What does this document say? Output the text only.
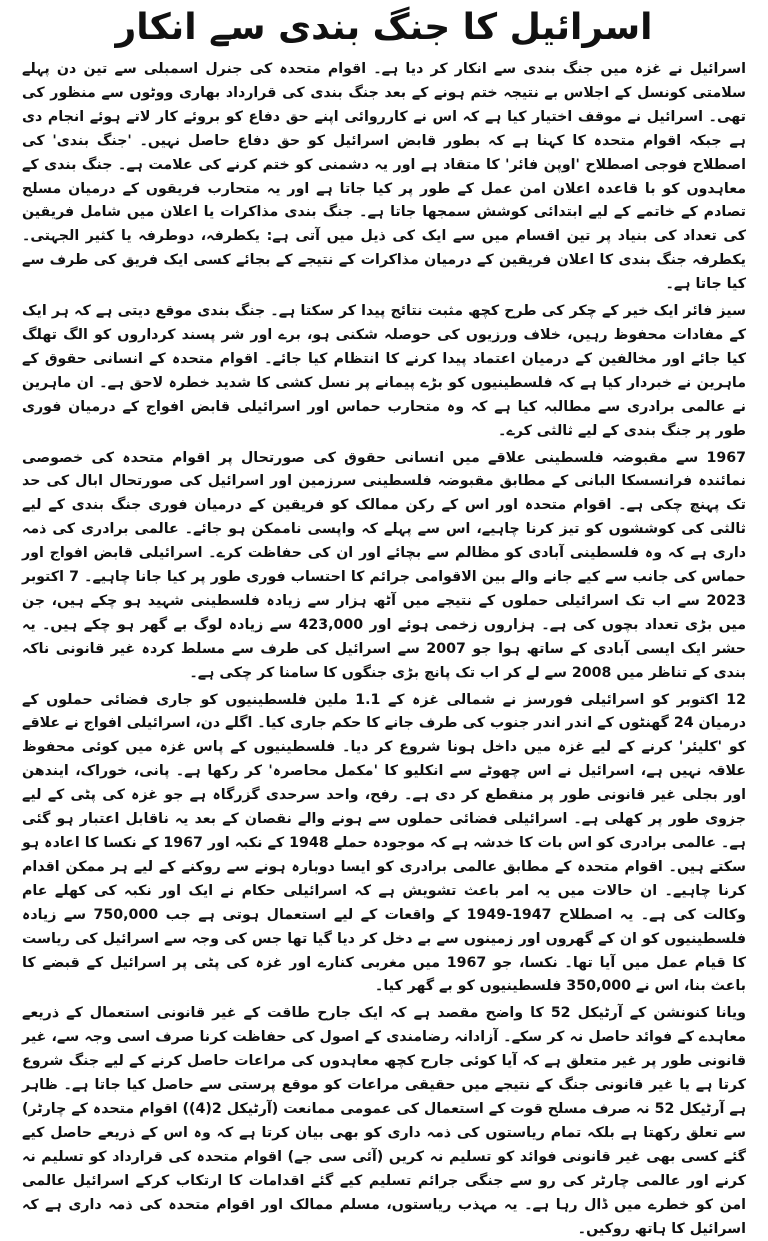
اسرائیل کا جنگ بندی سے انکار

اسرائیل نے غزہ میں جنگ بندی سے انکار کر دیا ہے۔ اقوام متحدہ کی جنرل اسمبلی سے تین دن پہلے سلامتی کونسل کے اجلاس بے نتیجہ ختم ہونے کے بعد جنگ بندی کی قرارداد بھاری ووٹوں سے منظور کی تھی۔ اسرائیل نے موقف اختیار کیا ہے کہ اس نے کارروائی اپنے حق دفاع کو بروئے کار لاتے ہوئے انجام دی ہے جبکہ اقوام متحدہ کا کہنا ہے کہ بطور قابض اسرائیل کو حق دفاع حاصل نہیں۔ 'جنگ بندی' کی اصطلاح فوجی اصطلاح 'اوپن فائر' کا متقاد ہے اور یہ دشمنی کو ختم کرنے کی علامت ہے۔ جنگ بندی کے معاہدوں کو با قاعدہ اعلان امن عمل کے طور پر کیا جاتا ہے اور یہ متحارب فریقوں کے درمیان مسلح تصادم کے خاتمے کے لیے ابتدائی کوشش سمجھا جاتا ہے۔ جنگ بندی مذاکرات یا اعلان میں شامل فریقین کی تعداد کی بنیاد پر تین اقسام میں سے ایک کی ذیل میں آتی ہے: یکطرفہ، دوطرفہ یا کثیر الجہتی۔ یکطرفہ جنگ بندی کا اعلان فریقین کے درمیان مذاکرات کے نتیجے کے بجائے کسی ایک فریق کی طرف سے کیا جاتا ہے۔

سیز فائر ایک خیر کے چکر کی طرح کچھ مثبت نتائج پیدا کر سکتا ہے۔ جنگ بندی موقع دیتی ہے کہ ہر ایک کے مفادات محفوظ رہیں، خلاف ورزیوں کی حوصلہ شکنی ہو، برے اور شر پسند کرداروں کو الگ تھلگ کیا جائے اور مخالفین کے درمیان اعتماد پیدا کرنے کا انتظام کیا جائے۔ اقوام متحدہ کے انسانی حقوق کے ماہرین نے خبردار کیا ہے کہ فلسطینیوں کو بڑے پیمانے پر نسل کشی کا شدید خطرہ لاحق ہے۔ ان ماہرین نے عالمی برادری سے مطالبہ کیا ہے کہ وہ متحارب حماس اور اسرائیلی قابض افواج کے درمیان فوری طور پر جنگ بندی کے لیے ثالثی کرے۔

1967 سے مقبوضہ فلسطینی علاقے میں انسانی حقوق کی صورتحال پر اقوام متحدہ کی خصوصی نمائندہ فرانسسکا البانی کے مطابق مقبوضہ فلسطینی سرزمین اور اسرائیل کی صورتحال ابال کی حد تک پہنچ چکی ہے۔ اقوام متحدہ اور اس کے رکن ممالک کو فریقین کے درمیان فوری جنگ بندی کے لیے ثالثی کی کوششوں کو تیز کرنا چاہیے، اس سے پہلے کہ واپسی ناممکن ہو جائے۔ عالمی برادری کی ذمہ داری ہے کہ وہ فلسطینی آبادی کو مظالم سے بچائے اور ان کی حفاظت کرے۔ اسرائیلی قابض افواج اور حماس کی جانب سے کیے جانے والے بین الاقوامی جرائم کا احتساب فوری طور پر کیا جانا چاہیے۔ 7 اکتوبر 2023 سے اب تک اسرائیلی حملوں کے نتیجے میں آٹھ ہزار سے زیادہ فلسطینی شہید ہو چکے ہیں، جن میں بڑی تعداد بچوں کی ہے۔ ہزاروں زخمی ہوئے اور 423,000 سے زیادہ لوگ بے گھر ہو چکے ہیں۔ یہ حشر ایک ایسی آبادی کے ساتھ ہوا جو 2007 سے اسرائیل کی طرف سے مسلط کردہ غیر قانونی ناکہ بندی کے تناظر میں 2008 سے لے کر اب تک پانچ بڑی جنگوں کا سامنا کر چکی ہے۔

12 اکتوبر کو اسرائیلی فورسز نے شمالی غزہ کے 1.1 ملین فلسطینیوں کو جاری فضائی حملوں کے درمیان 24 گھنٹوں کے اندر اندر جنوب کی طرف جانے کا حکم جاری کیا۔ اگلے دن، اسرائیلی افواج نے علاقے کو 'کلیئر' کرنے کے لیے غزہ میں داخل ہونا شروع کر دیا۔ فلسطینیوں کے پاس غزہ میں کوئی محفوظ علاقہ نہیں ہے، اسرائیل نے اس چھوٹے سے انکلیو کا 'مکمل محاصرہ' کر رکھا ہے۔ پانی، خوراک، ایندھن اور بجلی غیر قانونی طور پر منقطع کر دی ہے۔ رفح، واحد سرحدی گزرگاہ ہے جو غزہ کی پٹی کے لیے جزوی طور پر کھلی ہے۔ اسرائیلی فضائی حملوں سے ہونے والے نقصان کے بعد یہ ناقابل اعتبار ہو گئی ہے۔ عالمی برادری کو اس بات کا خدشہ ہے کہ موجودہ حملے 1948 کے نکبہ اور 1967 کے نکسا کا اعادہ ہو سکتے ہیں۔ اقوام متحدہ کے مطابق عالمی برادری کو ایسا دوبارہ ہونے سے روکنے کے لیے ہر ممکن اقدام کرنا چاہیے۔ ان حالات میں یہ امر باعث تشویش ہے کہ اسرائیلی حکام نے ایک اور نکبہ کی کھلے عام وکالت کی ہے۔ یہ اصطلاح 1947-1949 کے واقعات کے لیے استعمال ہوتی ہے جب 750,000 سے زیادہ فلسطینیوں کو ان کے گھروں اور زمینوں سے بے دخل کر دیا گیا تھا جس کی وجہ سے اسرائیل کی ریاست کا قیام عمل میں آیا تھا۔ نکسا، جو 1967 میں مغربی کنارے اور غزہ کی پٹی پر اسرائیل کے قبضے کا باعث بنا، اس نے 350,000 فلسطینیوں کو بے گھر کیا۔

ویانا کنونشن کے آرٹیکل 52 کا واضح مقصد ہے کہ ایک جارح طاقت کے غیر قانونی استعمال کے ذریعے معاہدے کے فوائد حاصل نہ کر سکے۔ آزادانہ رضامندی کے اصول کی حفاظت کرنا صرف اسی وجہ سے، غیر قانونی طور پر غیر متعلق ہے کہ آیا کوئی جارح کچھ معاہدوں کی مراعات حاصل کرنے کے لیے جنگ شروع کرتا ہے یا غیر قانونی جنگ کے نتیجے میں حقیقی مراعات کو موقع پرستی سے حاصل کیا جاتا ہے۔ ظاہر ہے آرٹیکل 52 نہ صرف مسلح قوت کے استعمال کی عمومی ممانعت (آرٹیکل 2(4)) اقوام متحدہ کے چارٹر) سے تعلق رکھتا ہے بلکہ تمام ریاستوں کی ذمہ داری کو بھی بیان کرتا ہے کہ وہ اس کے ذریعے حاصل کیے گئے کسی بھی غیر قانونی فوائد کو تسلیم نہ کریں (آئی سی جے) اقوام متحدہ کی قرارداد کو تسلیم نہ کرنے اور عالمی چارٹر کی رو سے جنگی جرائم تسلیم کیے گئے اقدامات کا ارتکاب کرکے اسرائیل عالمی امن کو خطرے میں ڈال رہا ہے۔ یہ مہذب ریاستوں، مسلم ممالک اور اقوام متحدہ کی ذمہ داری ہے کہ اسرائیل کا ہاتھ روکیں۔
